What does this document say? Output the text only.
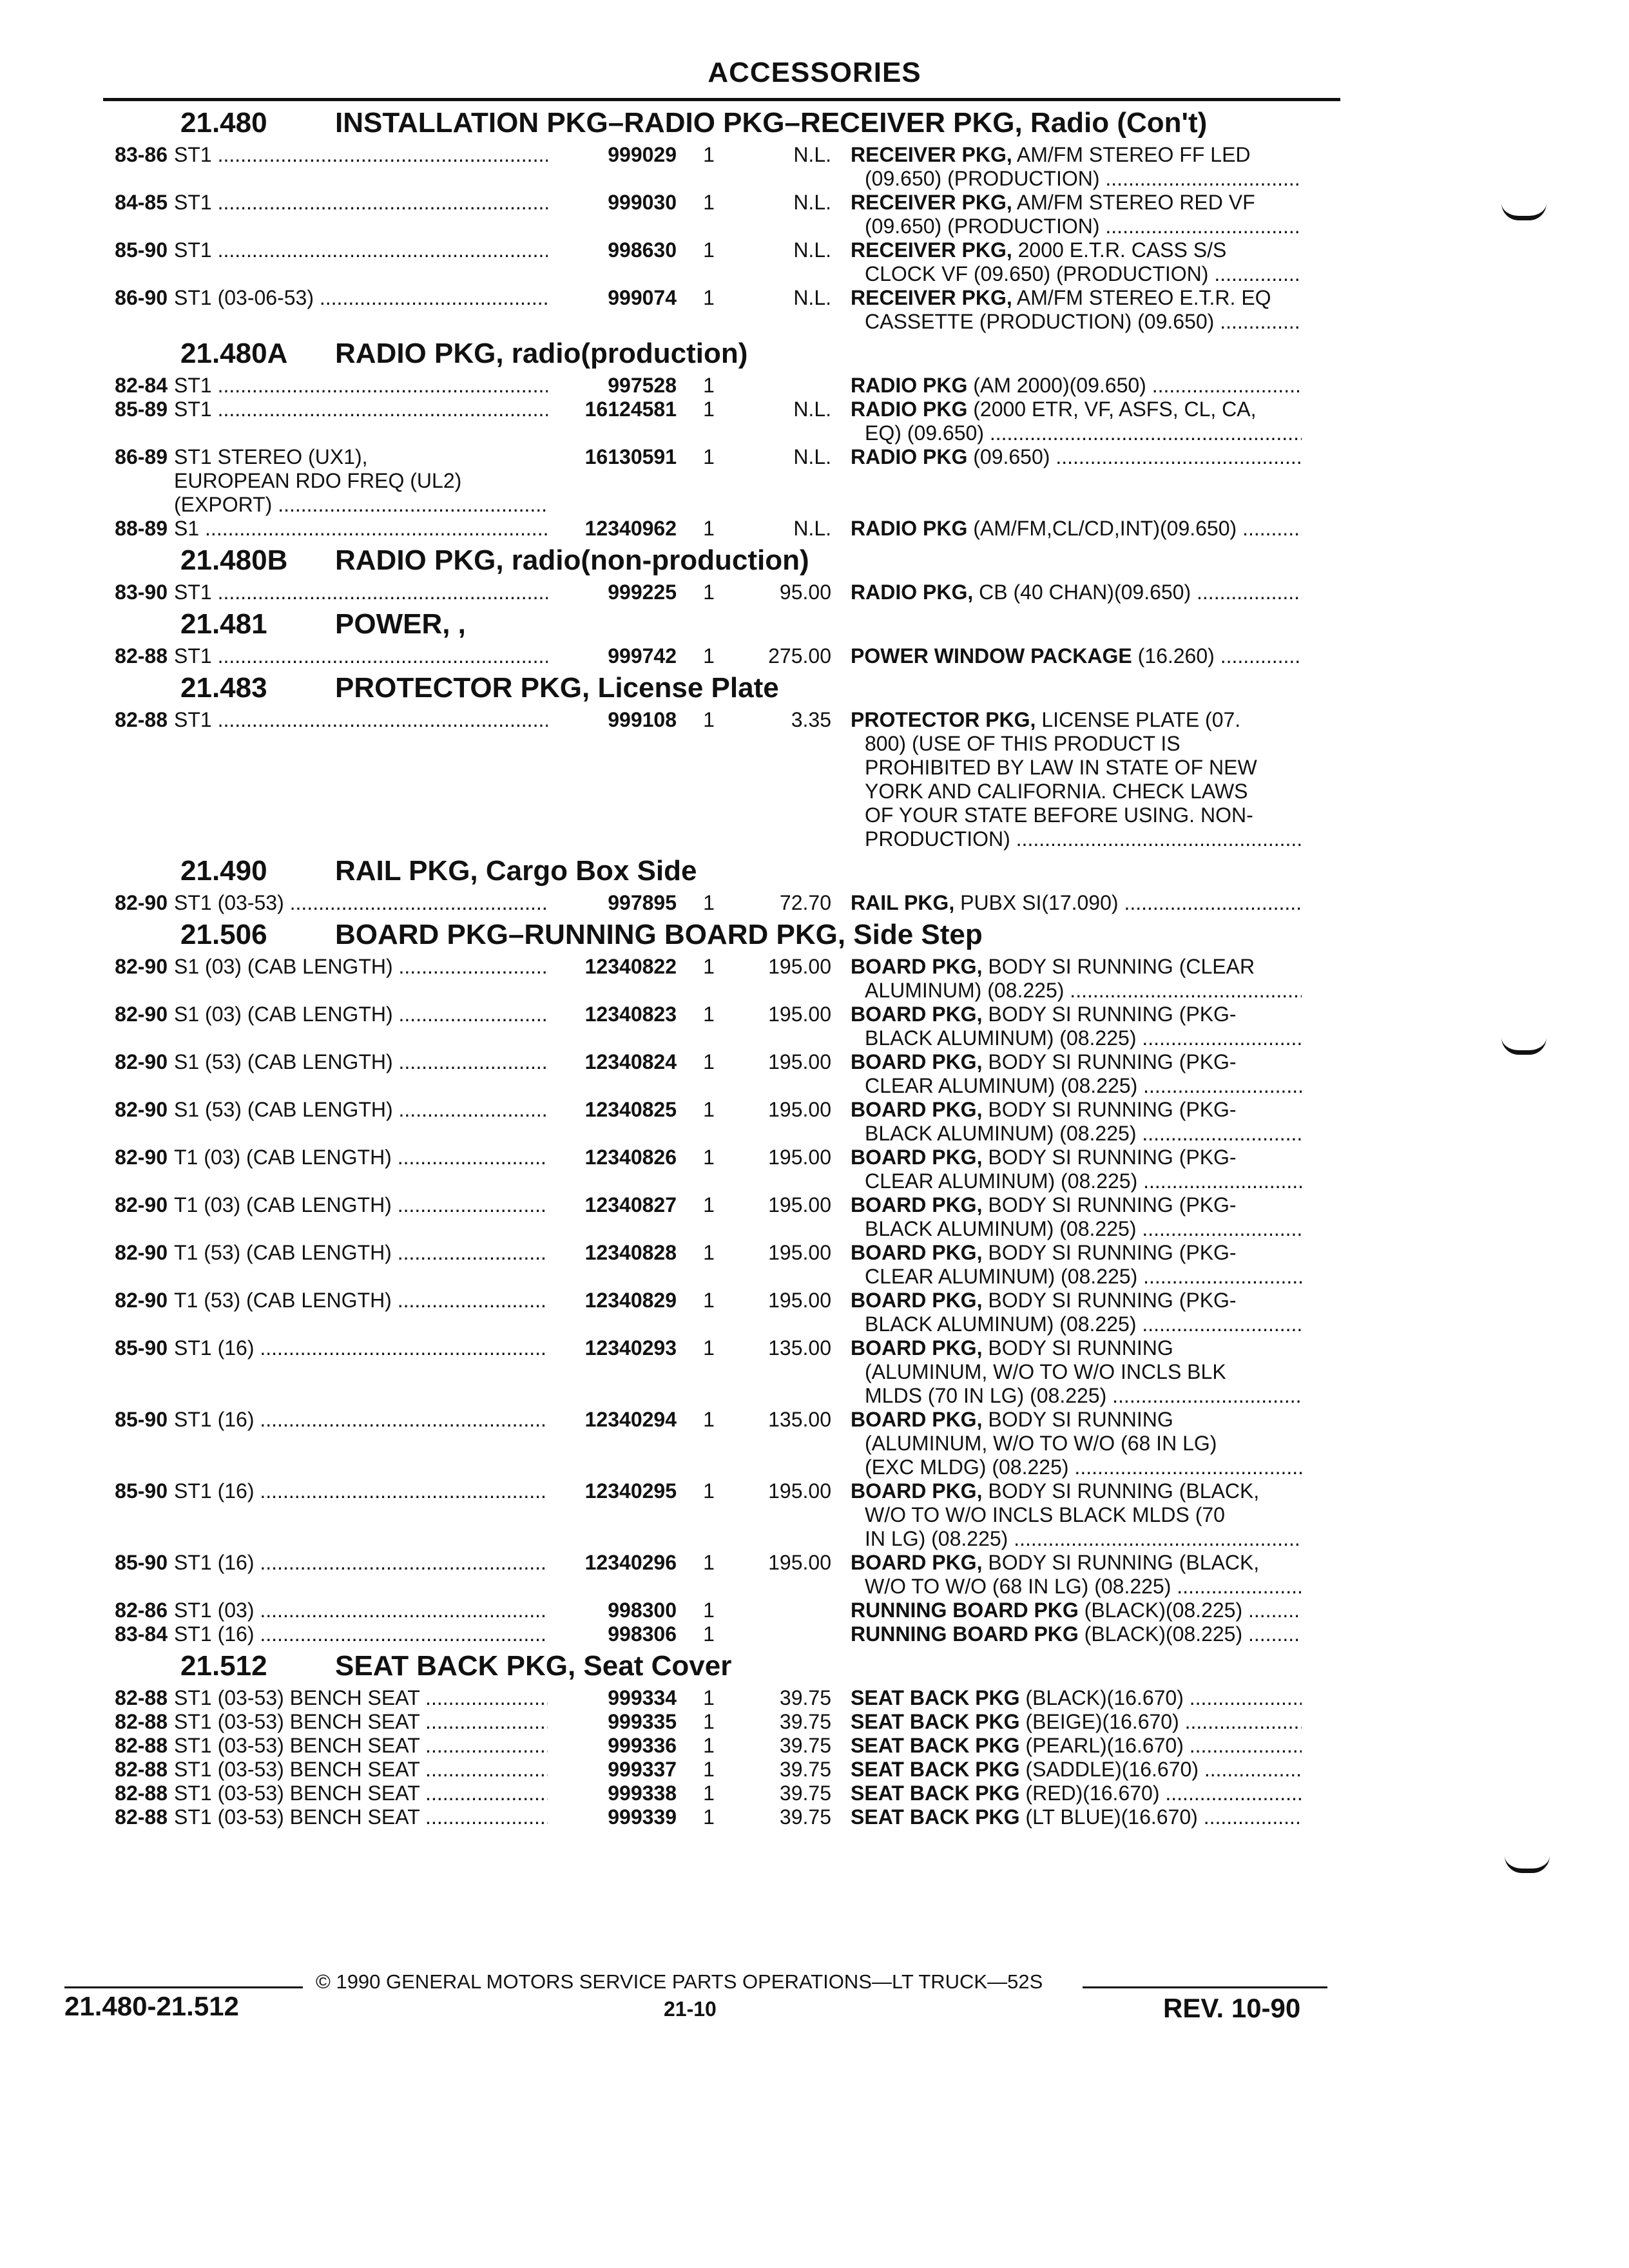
ACCESSORIES
21.480	INSTALLATION PKG–RADIO PKG–RECEIVER PKG, Radio (Con't)
83-86 ST1 .....	999029	1	N.L. RECEIVER PKG, AM/FM STEREO FF LED
(09.650) (PRODUCTION) .....
84-85 ST1 .....	999030	1	N.L. RECEIVER PKG, AM/FM STEREO RED VF
(09.650) (PRODUCTION) .....
85-90 ST1 .....	998630	1	N.L. RECEIVER PKG, 2000 E.T.R. CASS S/S
CLOCK VF (09.650) (PRODUCTION) .....
86-90 ST1 (03-06-53) .....	999074	1	N.L. RECEIVER PKG, AM/FM STEREO E.T.R. EQ
CASSETTE (PRODUCTION) (09.650) .....
21.480A	RADIO PKG, radio(production)
82-84 ST1 .....	997528	1	RADIO PKG (AM 2000)(09.650) .....
85-89 ST1 .....	16124581	1	N.L. RADIO PKG (2000 ETR, VF, ASFS, CL, CA,
EQ) (09.650) .....
86-89 ST1 STEREO (UX1),
EUROPEAN RDO FREQ (UL2)
(EXPORT) .....
16130591	1	N.L. RADIO PKG (09.650) .....
88-89 S1 .....	12340962	1	N.L. RADIO PKG (AM/FM,CL/CD,INT)(09.650) .....
21.480B	RADIO PKG, radio(non-production)
83-90 ST1 .....	999225	1	95.00 RADIO PKG, CB (40 CHAN)(09.650) .....
21.481	POWER, ,
82-88 ST1 .....	999742	1	275.00 POWER WINDOW PACKAGE (16.260) .....
21.483	PROTECTOR PKG, License Plate
82-88 ST1 .....	999108	1	3.35 PROTECTOR PKG, LICENSE PLATE (07.
800) (USE OF THIS PRODUCT IS
PROHIBITED BY LAW IN STATE OF NEW
YORK AND CALIFORNIA. CHECK LAWS
OF YOUR STATE BEFORE USING. NON-
PRODUCTION) .....
21.490	RAIL PKG, Cargo Box Side
82-90 ST1 (03-53) .....	997895	1	72.70 RAIL PKG, PUBX SI(17.090) .....
21.506	BOARD PKG–RUNNING BOARD PKG, Side Step
82-90 S1 (03) (CAB LENGTH) .....	12340822	1	195.00 BOARD PKG, BODY SI RUNNING (CLEAR
ALUMINUM) (08.225) .....
82-90 S1 (03) (CAB LENGTH) .....	12340823	1	195.00 BOARD PKG, BODY SI RUNNING (PKG-
BLACK ALUMINUM) (08.225) .....
82-90 S1 (53) (CAB LENGTH) .....	12340824	1	195.00 BOARD PKG, BODY SI RUNNING (PKG-
CLEAR ALUMINUM) (08.225) .....
82-90 S1 (53) (CAB LENGTH) .....	12340825	1	195.00 BOARD PKG, BODY SI RUNNING (PKG-
BLACK ALUMINUM) (08.225) .....
82-90 T1 (03) (CAB LENGTH) .....	12340826	1	195.00 BOARD PKG, BODY SI RUNNING (PKG-
CLEAR ALUMINUM) (08.225) .....
82-90 T1 (03) (CAB LENGTH) .....	12340827	1	195.00 BOARD PKG, BODY SI RUNNING (PKG-
BLACK ALUMINUM) (08.225) .....
82-90 T1 (53) (CAB LENGTH) .....	12340828	1	195.00 BOARD PKG, BODY SI RUNNING (PKG-
CLEAR ALUMINUM) (08.225) .....
82-90 T1 (53) (CAB LENGTH) .....	12340829	1	195.00 BOARD PKG, BODY SI RUNNING (PKG-
BLACK ALUMINUM) (08.225) .....
85-90 ST1 (16) .....	12340293	1	135.00 BOARD PKG, BODY SI RUNNING
(ALUMINUM, W/O TO W/O INCLS BLK
MLDS (70 IN LG) (08.225) .....
85-90 ST1 (16) .....	12340294	1	135.00 BOARD PKG, BODY SI RUNNING
(ALUMINUM, W/O TO W/O (68 IN LG)
(EXC MLDG) (08.225) .....
85-90 ST1 (16) .....	12340295	1	195.00 BOARD PKG, BODY SI RUNNING (BLACK,
W/O TO W/O INCLS BLACK MLDS (70
IN LG) (08.225) .....
85-90 ST1 (16) .....	12340296	1	195.00 BOARD PKG, BODY SI RUNNING (BLACK,
W/O TO W/O (68 IN LG) (08.225) .....
82-86 ST1 (03) .....	998300	1	RUNNING BOARD PKG (BLACK)(08.225) .....
83-84 ST1 (16) .....	998306	1	RUNNING BOARD PKG (BLACK)(08.225) .....
21.512	SEAT BACK PKG, Seat Cover
82-88 ST1 (03-53) BENCH SEAT .....	999334	1	39.75 SEAT BACK PKG (BLACK)(16.670) .....
82-88 ST1 (03-53) BENCH SEAT .....	999335	1	39.75 SEAT BACK PKG (BEIGE)(16.670) .....
82-88 ST1 (03-53) BENCH SEAT .....	999336	1	39.75 SEAT BACK PKG (PEARL)(16.670) .....
82-88 ST1 (03-53) BENCH SEAT .....	999337	1	39.75 SEAT BACK PKG (SADDLE)(16.670) .....
82-88 ST1 (03-53) BENCH SEAT .....	999338	1	39.75 SEAT BACK PKG (RED)(16.670) .....
82-88 ST1 (03-53) BENCH SEAT .....	999339	1	39.75 SEAT BACK PKG (LT BLUE)(16.670) .....
© 1990 GENERAL MOTORS SERVICE PARTS OPERATIONS—LT TRUCK—52S
21.480-21.512	21-10	REV. 10-90
